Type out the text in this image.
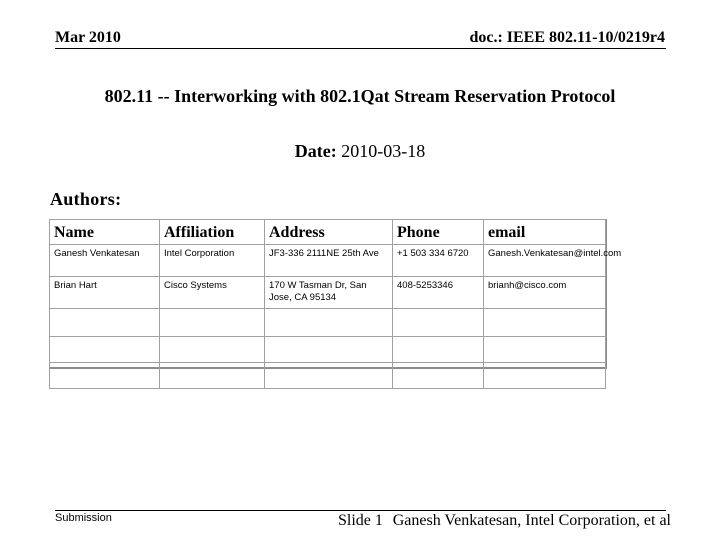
Mar 2010	doc.: IEEE 802.11-10/0219r4
802.11 -- Interworking with 802.1Qat Stream Reservation Protocol
Date: 2010-03-18
Authors:
Name	Affiliation	Address	Phone	email
Ganesh Venkatesan	Intel Corporation	JF3-336 2111NE 25th Ave	+1 503 334 6720	Ganesh.Venkatesan@intel.com
Brian Hart	Cisco Systems	170 W Tasman Dr, San Jose, CA 95134	408-5253346	brianh@cisco.com

Submission	Slide 1 Ganesh Venkatesan, Intel Corporation, et al
